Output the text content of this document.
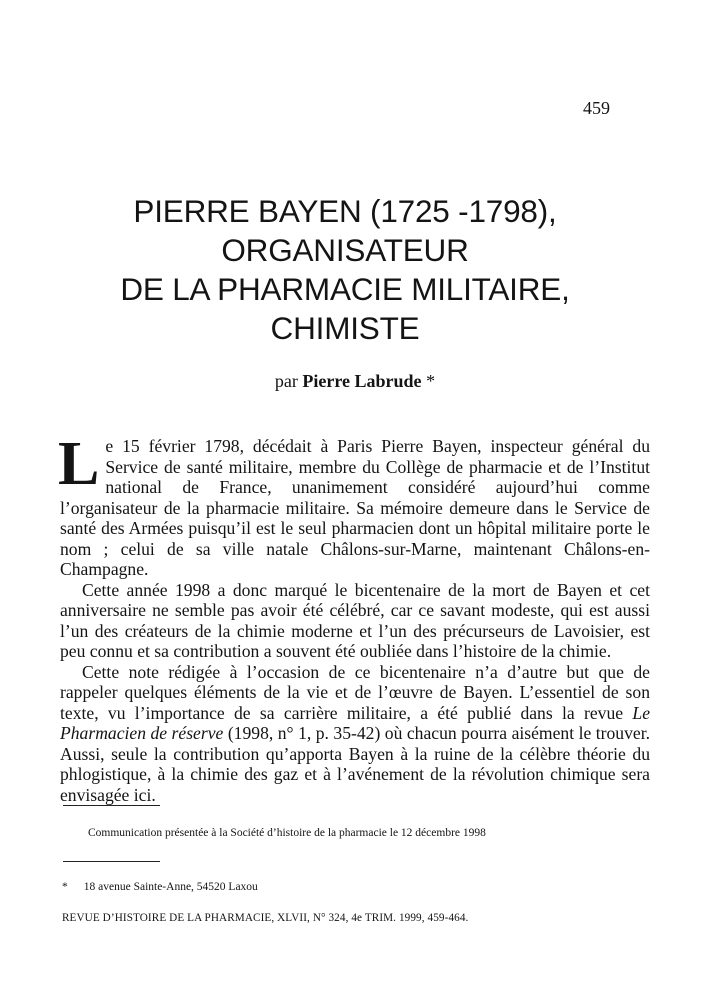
459
PIERRE BAYEN (1725 -1798),
ORGANISATEUR
DE LA PHARMACIE MILITAIRE,
CHIMISTE
par Pierre Labrude *

Le 15 février 1798, décédait à Paris Pierre Bayen, inspecteur général du Service de santé militaire, membre du Collège de pharmacie et de l’Institut national de France, unanimement considéré aujourd’hui comme l’organisateur de la pharmacie militaire. Sa mémoire demeure dans le Service de santé des Armées puisqu’il est le seul pharmacien dont un hôpital militaire porte le nom ; celui de sa ville natale Châlons-sur-Marne, maintenant Châlons-en-Champagne.

Cette année 1998 a donc marqué le bicentenaire de la mort de Bayen et cet anniversaire ne semble pas avoir été célébré, car ce savant modeste, qui est aussi l’un des créateurs de la chimie moderne et l’un des précurseurs de Lavoisier, est peu connu et sa contribution a souvent été oubliée dans l’histoire de la chimie.

Cette note rédigée à l’occasion de ce bicentenaire n’a d’autre but que de rappeler quelques éléments de la vie et de l’œuvre de Bayen. L’essentiel de son texte, vu l’importance de sa carrière militaire, a été publié dans la revue Le Pharmacien de réserve (1998, n° 1, p. 35-42) où chacun pourra aisément le trouver. Aussi, seule la contribution qu’apporta Bayen à la ruine de la célèbre théorie du phlogistique, à la chimie des gaz et à l’avénement de la révolution chimique sera envisagée ici.

Communication présentée à la Société d’histoire de la pharmacie le 12 décembre 1998
* 18 avenue Sainte-Anne, 54520 Laxou
REVUE D’HISTOIRE DE LA PHARMACIE, XLVII, N° 324, 4e TRIM. 1999, 459-464.
